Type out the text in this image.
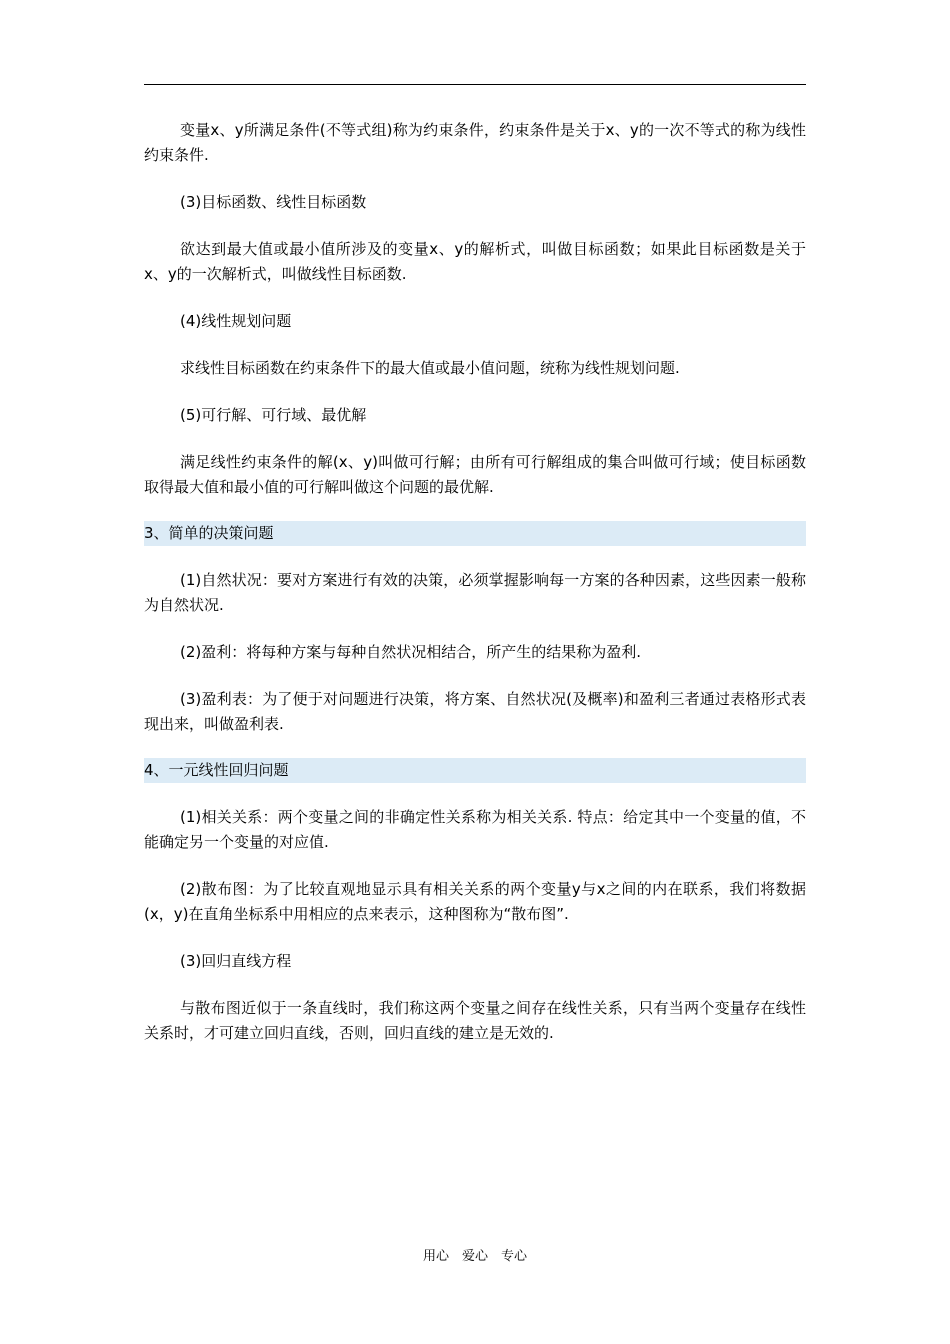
变量x、y所满足条件(不等式组)称为约束条件，约束条件是关于x、y的一次不等式的称为线性约束条件.

(3)目标函数、线性目标函数

欲达到最大值或最小值所涉及的变量x、y的解析式，叫做目标函数；如果此目标函数是关于x、y的一次解析式，叫做线性目标函数.

(4)线性规划问题

求线性目标函数在约束条件下的最大值或最小值问题，统称为线性规划问题.

(5)可行解、可行域、最优解

满足线性约束条件的解(x、y)叫做可行解；由所有可行解组成的集合叫做可行域；使目标函数取得最大值和最小值的可行解叫做这个问题的最优解.

3、简单的决策问题

(1)自然状况：要对方案进行有效的决策，必须掌握影响每一方案的各种因素，这些因素一般称为自然状况.

(2)盈利：将每种方案与每种自然状况相结合，所产生的结果称为盈利.

(3)盈利表：为了便于对问题进行决策，将方案、自然状况(及概率)和盈利三者通过表格形式表现出来，叫做盈利表.

4、一元线性回归问题

(1)相关关系：两个变量之间的非确定性关系称为相关关系. 特点：给定其中一个变量的值，不能确定另一个变量的对应值.

(2)散布图：为了比较直观地显示具有相关关系的两个变量y与x之间的内在联系，我们将数据(x，y)在直角坐标系中用相应的点来表示，这种图称为“散布图”.

(3)回归直线方程

与散布图近似于一条直线时，我们称这两个变量之间存在线性关系，只有当两个变量存在线性关系时，才可建立回归直线，否则，回归直线的建立是无效的.

用心　爱心　专心
